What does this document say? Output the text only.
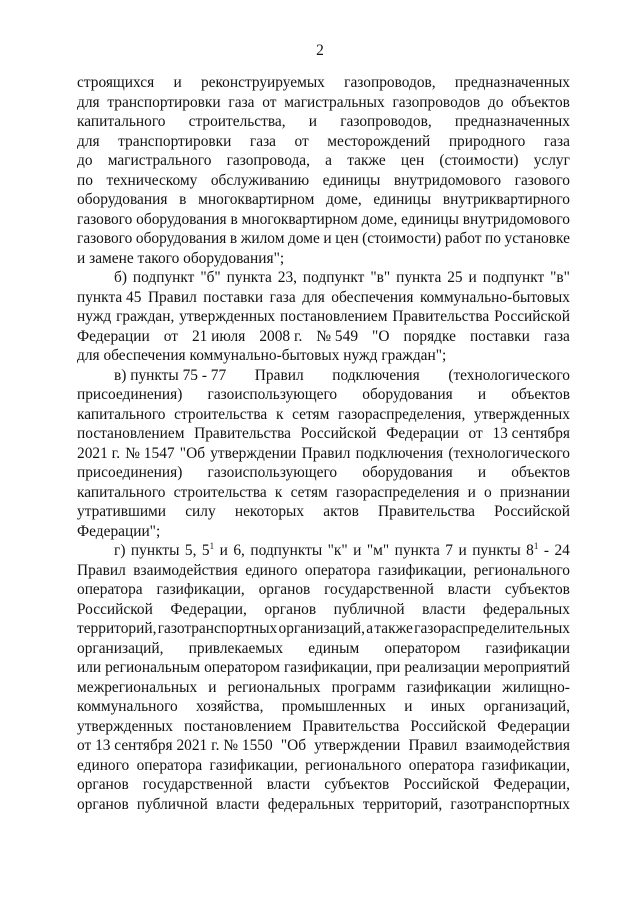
2
строящихся и реконструируемых газопроводов, предназначенных
для транспортировки газа от магистральных газопроводов до объектов
капитального строительства, и газопроводов, предназначенных
для транспортировки газа от месторождений природного газа
до магистрального газопровода, а также цен (стоимости) услуг
по техническому обслуживанию единицы внутридомового газового
оборудования в многоквартирном доме, единицы внутриквартирного
газового оборудования в многоквартирном доме, единицы внутридомового
газового оборудования в жилом доме и цен (стоимости) работ по установке
и замене такого оборудования";
б) подпункт "б" пункта 23, подпункт "в" пункта 25 и подпункт "в"
пункта 45 Правил поставки газа для обеспечения коммунально-бытовых
нужд граждан, утвержденных постановлением Правительства Российской
Федерации от 21 июля 2008 г. № 549 "О порядке поставки газа
для обеспечения коммунально-бытовых нужд граждан";
в) пункты 75 - 77 Правил подключения (технологического
присоединения) газоиспользующего оборудования и объектов
капитального строительства к сетям газораспределения, утвержденных
постановлением Правительства Российской Федерации от 13 сентября
2021 г. № 1547 "Об утверждении Правил подключения (технологического
присоединения) газоиспользующего оборудования и объектов
капитального строительства к сетям газораспределения и о признании
утратившими силу некоторых актов Правительства Российской
Федерации";
г) пункты 5, $5^1$ и 6, подпункты "к" и "м" пункта 7 и пункты $8^1 - 24$
Правил взаимодействия единого оператора газификации, регионального
оператора газификации, органов государственной власти субъектов
Российской Федерации, органов публичной власти федеральных
территорий, газотранспортных организаций, а также газораспределительных
организаций, привлекаемых единым оператором газификации
или региональным оператором газификации, при реализации мероприятий
межрегиональных и региональных программ газификации жилищно-
коммунального хозяйства, промышленных и иных организаций,
утвержденных постановлением Правительства Российской Федерации
от 13 сентября 2021 г. № 1550 "Об утверждении Правил взаимодействия
единого оператора газификации, регионального оператора газификации,
органов государственной власти субъектов Российской Федерации,
органов публичной власти федеральных территорий, газотранспортных
